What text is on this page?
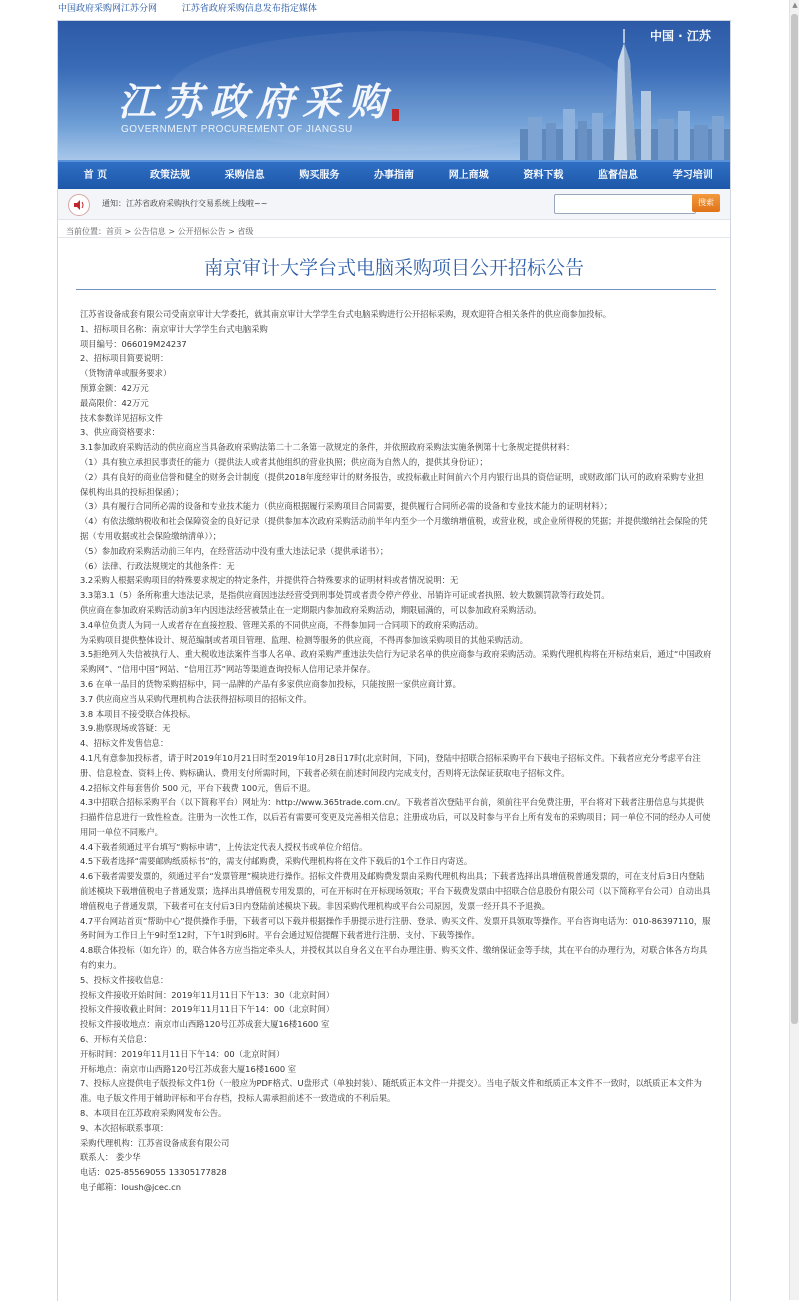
中国政府采购网江苏分网	江苏省政府采购信息发布指定媒体
江苏政府采购
GOVERNMENT PROCUREMENT OF JIANGSU
中国 · 江苏
首 页	政策法规	采购信息	购买服务	办事指南	网上商城	资料下载	监督信息	学习培训
通知：江苏省政府采购执行交易系统上线啦~~	搜索
当前位置：首页 > 公告信息 > 公开招标公告 > 省级
南京审计大学台式电脑采购项目公开招标公告

江苏省设备成套有限公司受南京审计大学委托，就其南京审计大学学生台式电脑采购进行公开招标采购，现欢迎符合相关条件的供应商参加投标。

1、招标项目名称：南京审计大学学生台式电脑采购

项目编号：066019M24237

2、招标项目简要说明：

（货物清单或服务要求）

预算金额：42万元

最高限价：42万元

技术参数详见招标文件

3、供应商资格要求：

3.1参加政府采购活动的供应商应当具备政府采购法第二十二条第一款规定的条件，并依照政府采购法实施条例第十七条规定提供材料：

（1）具有独立承担民事责任的能力（提供法人或者其他组织的营业执照；供应商为自然人的，提供其身份证）；

（2）具有良好的商业信誉和健全的财务会计制度（提供2018年度经审计的财务报告，或投标截止时间前六个月内银行出具的资信证明，或财政部门认可的政府采购专业担保机构出具的投标担保函）；

（3）具有履行合同所必需的设备和专业技术能力（供应商根据履行采购项目合同需要，提供履行合同所必需的设备和专业技术能力的证明材料）；

（4）有依法缴纳税收和社会保障资金的良好记录（提供参加本次政府采购活动前半年内至少一个月缴纳增值税，或营业税，或企业所得税的凭据；并提供缴纳社会保险的凭据（专用收据或社会保险缴纳清单））；

（5）参加政府采购活动前三年内，在经营活动中没有重大违法记录（提供承诺书）；

（6）法律、行政法规规定的其他条件：无

3.2采购人根据采购项目的特殊要求规定的特定条件，并提供符合特殊要求的证明材料或者情况说明：无

3.3第3.1（5）条所称重大违法记录，是指供应商因违法经营受到刑事处罚或者责令停产停业、吊销许可证或者执照、较大数额罚款等行政处罚。

供应商在参加政府采购活动前3年内因违法经营被禁止在一定期限内参加政府采购活动，期限届满的，可以参加政府采购活动。

3.4单位负责人为同一人或者存在直接控股、管理关系的不同供应商，不得参加同一合同项下的政府采购活动。

为采购项目提供整体设计、规范编制或者项目管理、监理、检测等服务的供应商，不得再参加该采购项目的其他采购活动。

3.5拒绝列入失信被执行人、重大税收违法案件当事人名单、政府采购严重违法失信行为记录名单的供应商参与政府采购活动。采购代理机构将在开标结束后，通过“中国政府采购网”、“信用中国”网站、“信用江苏”网站等渠道查询投标人信用记录并保存。

3.6 在单一品目的货物采购招标中，同一品牌的产品有多家供应商参加投标，只能按照一家供应商计算。

3.7 供应商应当从采购代理机构合法获得招标项目的招标文件。

3.8 本项目不接受联合体投标。

3.9.勘察现场或答疑：无

4、招标文件发售信息：

4.1凡有意参加投标者，请于时2019年10月21日时至2019年10月28日17时(北京时间，下同)，登陆中招联合招标采购平台下载电子招标文件。下载者应充分考虑平台注册、信息检查、资料上传、购标确认、费用支付所需时间，下载者必须在前述时间段内完成支付，否则将无法保证获取电子招标文件。

4.2招标文件每套售价 500 元，平台下载费 100元，售后不退。

4.3中招联合招标采购平台（以下简称平台）网址为：http://www.365trade.com.cn/。下载者首次登陆平台前，须前往平台免费注册，平台将对下载者注册信息与其提供扫描件信息进行一致性检查。注册为一次性工作，以后若有需要可变更及完善相关信息；注册成功后，可以及时参与平台上所有发布的采购项目；同一单位不同的经办人可使用同一单位不同账户。

4.4下载者须通过平台填写“购标申请”，上传法定代表人授权书或单位介绍信。

4.5下载者选择“需要邮购纸质标书”的，需支付邮购费，采购代理机构将在文件下载后的1个工作日内寄送。

4.6下载者需要发票的，须通过平台“发票管理”模块进行操作。招标文件费用及邮购费发票由采购代理机构出具；下载者选择出具增值税普通发票的，可在支付后3日内登陆前述模块下载增值税电子普通发票；选择出具增值税专用发票的，可在开标时在开标现场领取；平台下载费发票由中招联合信息股份有限公司（以下简称平台公司）自动出具增值税电子普通发票，下载者可在支付后3日内登陆前述模块下载。非因采购代理机构或平台公司原因，发票一经开具不予退换。

4.7平台网站首页“帮助中心”提供操作手册，下载者可以下载并根据操作手册提示进行注册、登录、购买文件、发票开具领取等操作。平台咨询电话为：010-86397110，服务时间为工作日上午9时至12时，下午1时到6时。平台会通过短信提醒下载者进行注册、支付、下载等操作。

4.8联合体投标（如允许）的，联合体各方应当指定牵头人，并授权其以自身名义在平台办理注册、购买文件、缴纳保证金等手续，其在平台的办理行为，对联合体各方均具有约束力。

5、投标文件接收信息：

投标文件接收开始时间：2019年11月11日下午13：30（北京时间）

投标文件接收截止时间：2019年11月11日下午14：00（北京时间）

投标文件接收地点：南京市山西路120号江苏成套大厦16楼1600 室

6、开标有关信息：

开标时间：2019年11月11日下午14：00（北京时间）

开标地点：南京市山西路120号江苏成套大厦16楼1600 室

7、投标人应提供电子版投标文件1份（一般应为PDF格式、U盘形式（单独封装）、随纸质正本文件一并提交）。当电子版文件和纸质正本文件不一致时，以纸质正本文件为准。电子版文件用于辅助评标和平台存档，投标人需承担前述不一致造成的不利后果。

8、本项目在江苏政府采购网发布公告。

9、本次招标联系事项：

采购代理机构：江苏省设备成套有限公司

联系人： 娄少华

电话：025-85569055 13305177828

电子邮箱：loush@jcec.cn

▲
